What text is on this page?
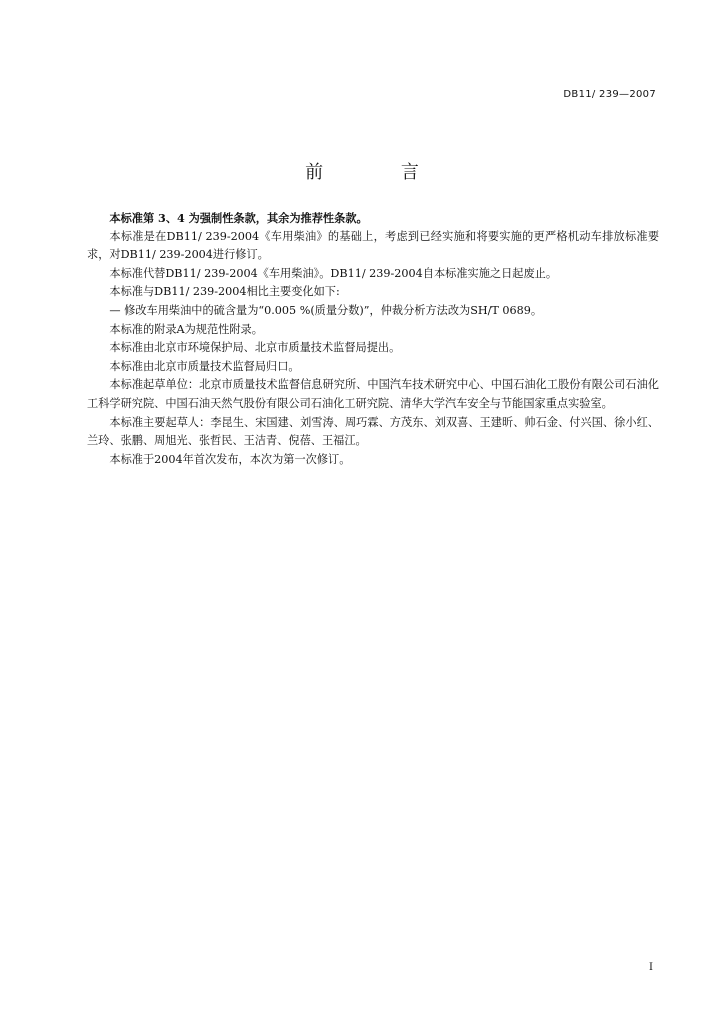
DB11/ 239—2007
前 言

本标准第 3、4 为强制性条款，其余为推荐性条款。

本标准是在DB11/ 239-2004《车用柴油》的基础上，考虑到已经实施和将要实施的更严格机动车排放标准要求，对DB11/ 239-2004进行修订。

本标准代替DB11/ 239-2004《车用柴油》。DB11/ 239-2004自本标准实施之日起废止。

本标准与DB11/ 239-2004相比主要变化如下:

— 修改车用柴油中的硫含量为“0.005 %(质量分数)”，仲裁分析方法改为SH/T 0689。

本标准的附录A为规范性附录。

本标准由北京市环境保护局、北京市质量技术监督局提出。

本标准由北京市质量技术监督局归口。

本标准起草单位：北京市质量技术监督信息研究所、中国汽车技术研究中心、中国石油化工股份有限公司石油化工科学研究院、中国石油天然气股份有限公司石油化工研究院、清华大学汽车安全与节能国家重点实验室。

本标准主要起草人：李昆生、宋国建、刘雪涛、周巧霖、方茂东、刘双喜、王建昕、帅石金、付兴国、徐小红、兰玲、张鹏、周旭光、张哲民、王洁青、倪蓓、王福江。

本标准于2004年首次发布，本次为第一次修订。

I
